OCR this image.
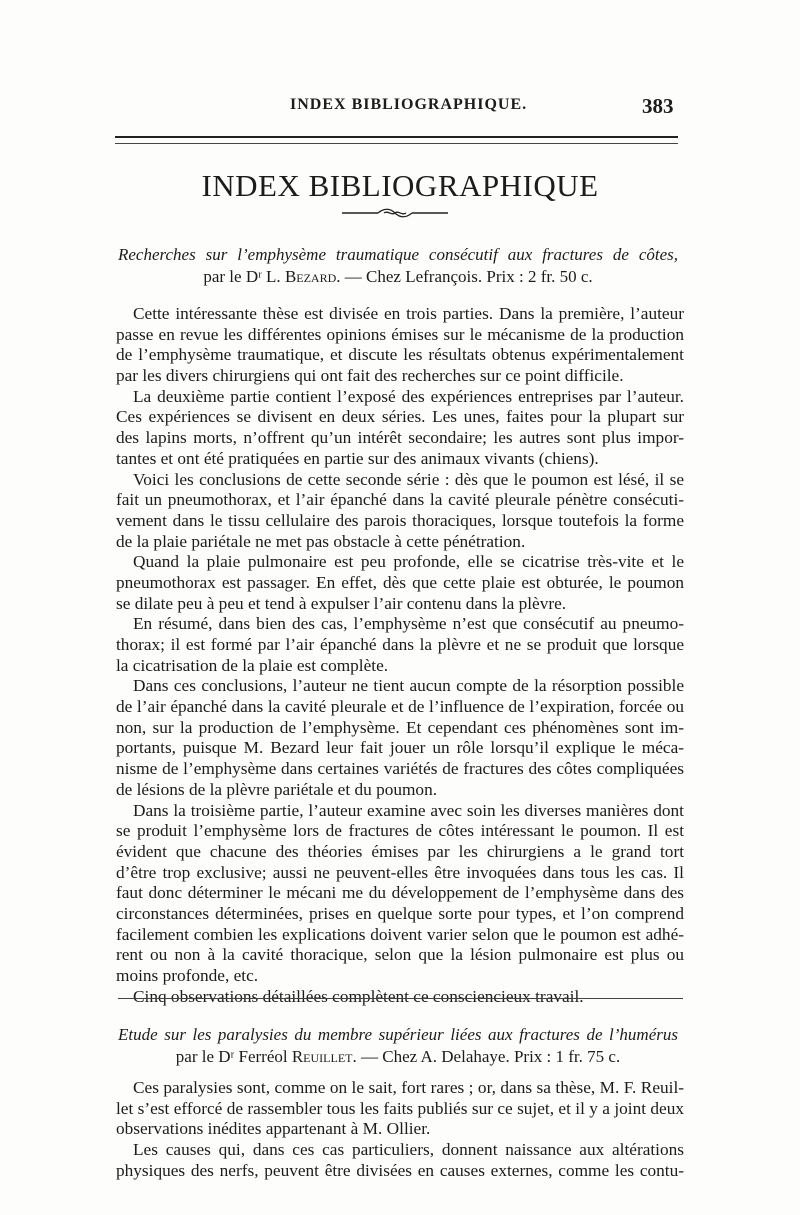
INDEX BIBLIOGRAPHIQUE.	383
INDEX BIBLIOGRAPHIQUE
Recherches sur l’emphysème traumatique consécutif aux fractures de côtes,
par le Dʳ L. Bezard. — Chez Lefrançois. Prix : 2 fr. 50 c.
Cette intéressante thèse est divisée en trois parties. Dans la première, l’auteur
passe en revue les différentes opinions émises sur le mécanisme de la production
de l’emphysème traumatique, et discute les résultats obtenus expérimentalement
par les divers chirurgiens qui ont fait des recherches sur ce point difficile.
La deuxième partie contient l’exposé des expériences entreprises par l’auteur.
Ces expériences se divisent en deux séries. Les unes, faites pour la plupart sur
des lapins morts, n’offrent qu’un intérêt secondaire; les autres sont plus impor-
tantes et ont été pratiquées en partie sur des animaux vivants (chiens).
Voici les conclusions de cette seconde série : dès que le poumon est lésé, il se
fait un pneumothorax, et l’air épanché dans la cavité pleurale pénètre consécuti-
vement dans le tissu cellulaire des parois thoraciques, lorsque toutefois la forme
de la plaie pariétale ne met pas obstacle à cette pénétration.
Quand la plaie pulmonaire est peu profonde, elle se cicatrise très-vite et le
pneumothorax est passager. En effet, dès que cette plaie est obturée, le poumon
se dilate peu à peu et tend à expulser l’air contenu dans la plèvre.
En résumé, dans bien des cas, l’emphysème n’est que consécutif au pneumo-
thorax; il est formé par l’air épanché dans la plèvre et ne se produit que lorsque
la cicatrisation de la plaie est complète.
Dans ces conclusions, l’auteur ne tient aucun compte de la résorption possible
de l’air épanché dans la cavité pleurale et de l’influence de l’expiration, forcée ou
non, sur la production de l’emphysème. Et cependant ces phénomènes sont im-
portants, puisque M. Bezard leur fait jouer un rôle lorsqu’il explique le méca-
nisme de l’emphysème dans certaines variétés de fractures des côtes compliquées
de lésions de la plèvre pariétale et du poumon.
Dans la troisième partie, l’auteur examine avec soin les diverses manières dont
se produit l’emphysème lors de fractures de côtes intéressant le poumon. Il est
évident que chacune des théories émises par les chirurgiens a le grand tort
d’être trop exclusive; aussi ne peuvent-elles être invoquées dans tous les cas. Il
faut donc déterminer le mécani me du développement de l’emphysème dans des
circonstances déterminées, prises en quelque sorte pour types, et l’on comprend
facilement combien les explications doivent varier selon que le poumon est adhé-
rent ou non à la cavité thoracique, selon que la lésion pulmonaire est plus ou
moins profonde, etc.
Cinq observations détaillées complètent ce consciencieux travail.
Etude sur les paralysies du membre supérieur liées aux fractures de l’humérus
par le Dʳ Ferréol Reuillet. — Chez A. Delahaye. Prix : 1 fr. 75 c.
Ces paralysies sont, comme on le sait, fort rares ; or, dans sa thèse, M. F. Reuil-
let s’est efforcé de rassembler tous les faits publiés sur ce sujet, et il y a joint deux
observations inédites appartenant à M. Ollier.
Les causes qui, dans ces cas particuliers, donnent naissance aux altérations
physiques des nerfs, peuvent être divisées en causes externes, comme les contu-
